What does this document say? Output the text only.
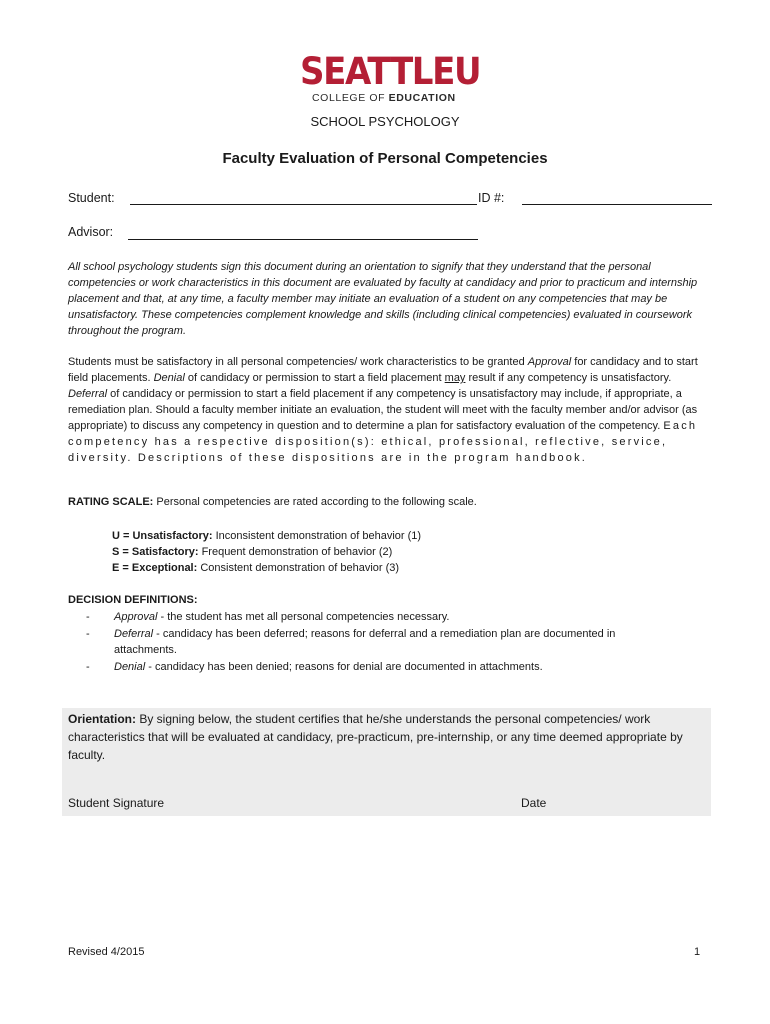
SEATTLEU
COLLEGE OF EDUCATION
SCHOOL PSYCHOLOGY
Faculty Evaluation of Personal Competencies
Student:	ID #:
Advisor:
All school psychology students sign this document during an orientation to signify that they understand that the personal competencies or work characteristics in this document are evaluated by faculty at candidacy and prior to practicum and internship placement and that, at any time, a faculty member may initiate an evaluation of a student on any competencies that may be unsatisfactory. These competencies complement knowledge and skills (including clinical competencies) evaluated in coursework throughout the program.
Students must be satisfactory in all personal competencies/ work characteristics to be granted Approval for candidacy and to start field placements. Denial of candidacy or permission to start a field placement may result if any competency is unsatisfactory. Deferral of candidacy or permission to start a field placement if any competency is unsatisfactory may include, if appropriate, a remediation plan. Should a faculty member initiate an evaluation, the student will meet with the faculty member and/or advisor (as appropriate) to discuss any competency in question and to determine a plan for satisfactory evaluation of the competency. Each competency has a respective disposition(s): ethical, professional, reflective, service, diversity. Descriptions of these dispositions are in the program handbook.
RATING SCALE: Personal competencies are rated according to the following scale.
U = Unsatisfactory: Inconsistent demonstration of behavior (1)
S = Satisfactory: Frequent demonstration of behavior (2)
E = Exceptional: Consistent demonstration of behavior (3)
DECISION DEFINITIONS:
- Approval - the student has met all personal competencies necessary.
- Deferral - candidacy has been deferred; reasons for deferral and a remediation plan are documented in attachments.
- Denial - candidacy has been denied; reasons for denial are documented in attachments.
Orientation: By signing below, the student certifies that he/she understands the personal competencies/ work characteristics that will be evaluated at candidacy, pre-practicum, pre-internship, or any time deemed appropriate by faculty.
Student Signature	Date
Revised 4/2015	1
